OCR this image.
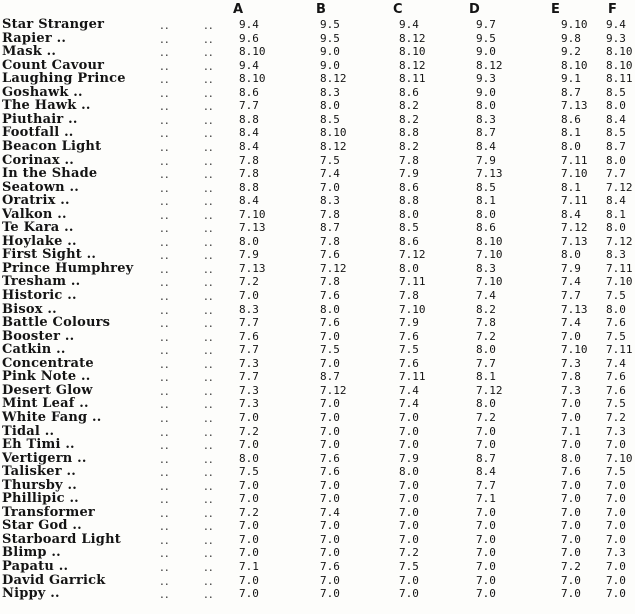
A	B	C	D	E	F
Star Stranger	..	.. 9.4	9.5	9.4	9.7	9.10 9.4
Rapier ..	..	.. 9.6	9.5	8.12	9.5	9.8 9.3
Mask ..	..	.. 8.10	9.0	8.10	9.0	9.2 8.10
Count Cavour	..	.. 9.4	9.0	8.12	8.12	8.10 8.10
Laughing Prince	..	.. 8.10	8.12	8.11	9.3	9.1 8.11
Goshawk ..	..	.. 8.6	8.3	8.6	9.0	8.7 8.5
The Hawk ..	..	.. 7.7	8.0	8.2	8.0	7.13 8.0
Piuthair ..	..	.. 8.8	8.5	8.2	8.3	8.6 8.4
Footfall ..	..	.. 8.4	8.10	8.8	8.7	8.1 8.5
Beacon Light	..	.. 8.4	8.12	8.2	8.4	8.0 8.7
Corinax ..	..	.. 7.8	7.5	7.8	7.9	7.11 8.0
In the Shade	..	.. 7.8	7.4	7.9	7.13	7.10 7.7
Seatown ..	..	.. 8.8	7.0	8.6	8.5	8.1 7.12
Oratrix ..	..	.. 8.4	8.3	8.8	8.1	7.11 8.4
Valkon ..	..	.. 7.10	7.8	8.0	8.0	8.4 8.1
Te Kara ..	..	.. 7.13	8.7	8.5	8.6	7.12 8.0
Hoylake ..	..	.. 8.0	7.8	8.6	8.10	7.13 7.12
First Sight ..	..	.. 7.9	7.6	7.12	7.10	8.0 8.3
Prince Humphrey ..	.. 7.13	7.12	8.0	8.3	7.9 7.11
Tresham ..	..	.. 7.2	7.8	7.11	7.10	7.4 7.10
Historic ..	..	.. 7.0	7.6	7.8	7.4	7.7 7.5
Bisox ..	..	.. 8.3	8.0	7.10	8.2	7.13 8.0
Battle Colours	..	.. 7.7	7.6	7.9	7.8	7.4 7.6
Booster ..	..	.. 7.6	7.0	7.6	7.2	7.0 7.5
Catkin ..	..	.. 7.7	7.5	7.5	8.0	7.10 7.11
Concentrate	..	.. 7.3	7.0	7.6	7.7	7.3 7.4
Pink Note ..	..	.. 7.7	8.7	7.11	8.1	7.8 7.6
Desert Glow	..	.. 7.3	7.12	7.4	7.12	7.3 7.6
Mint Leaf ..	..	.. 7.3	7.0	7.4	8.0	7.0 7.5
White Fang ..	..	.. 7.0	7.0	7.0	7.2	7.0 7.2
Tidal ..	..	.. 7.2	7.0	7.0	7.0	7.1 7.3
Eh Timi ..	..	.. 7.0	7.0	7.0	7.0	7.0 7.0
Vertigern ..	..	.. 8.0	7.6	7.9	8.7	8.0 7.10
Talisker ..	..	.. 7.5	7.6	8.0	8.4	7.6 7.5
Thursby ..	..	.. 7.0	7.0	7.0	7.7	7.0 7.0
Phillipic ..	..	.. 7.0	7.0	7.0	7.1	7.0 7.0
Transformer	..	.. 7.2	7.4	7.0	7.0	7.0 7.0
Star God ..	..	.. 7.0	7.0	7.0	7.0	7.0 7.0
Starboard Light	..	.. 7.0	7.0	7.0	7.0	7.0 7.0
Blimp ..	..	.. 7.0	7.0	7.2	7.0	7.0 7.3
Papatu ..	..	.. 7.1	7.6	7.5	7.0	7.2 7.0
David Garrick	..	.. 7.0	7.0	7.0	7.0	7.0 7.0
Nippy ..	..	.. 7.0	7.0	7.0	7.0	7.0 7.0
